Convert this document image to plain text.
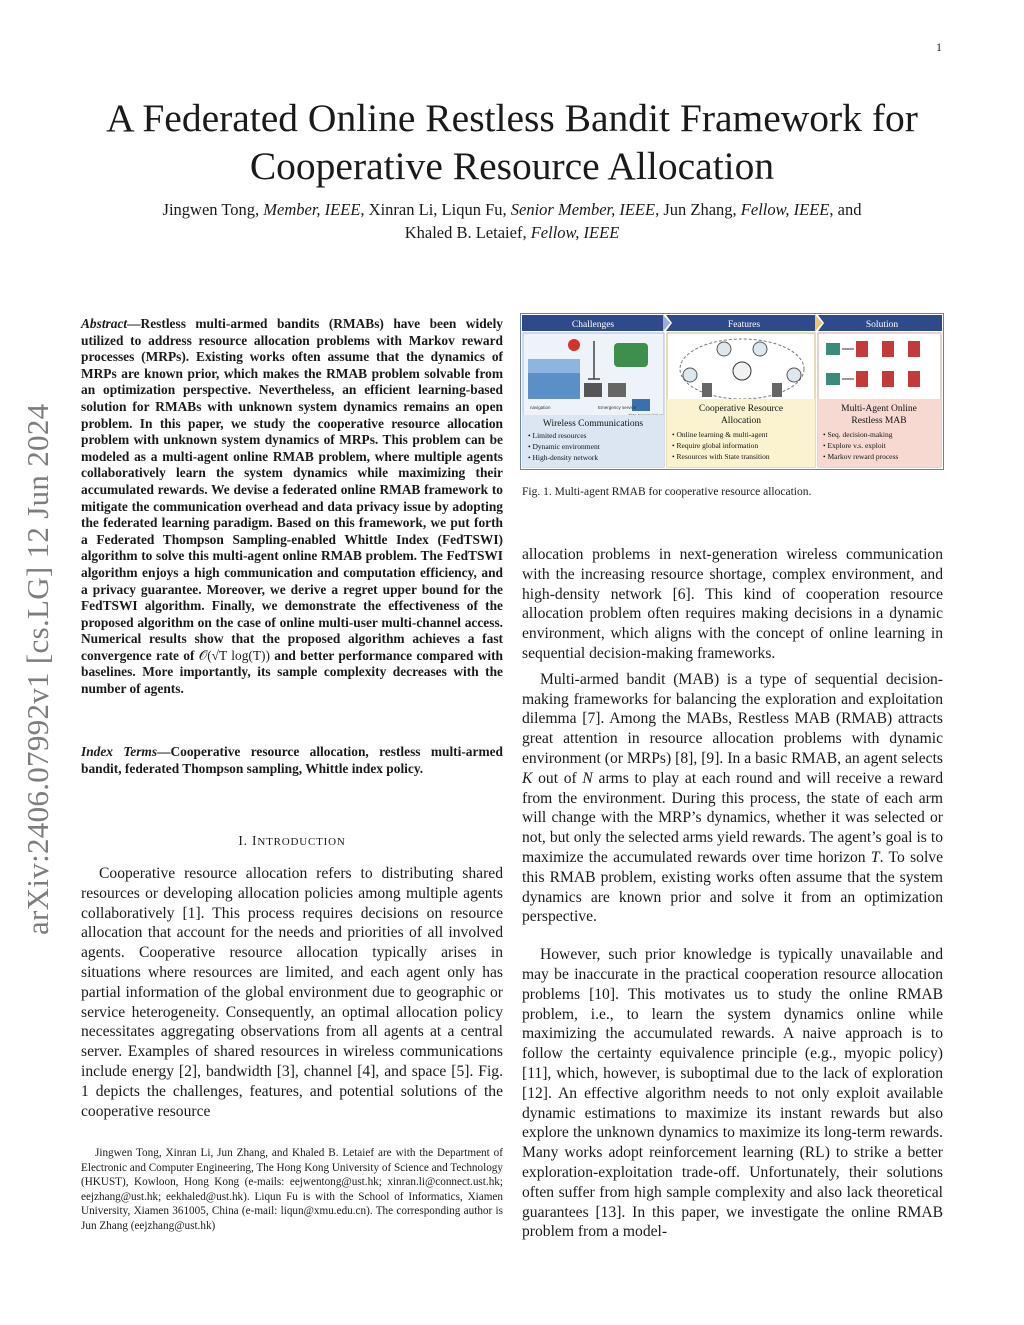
1
arXiv:2406.07992v1 [cs.LG] 12 Jun 2024
A Federated Online Restless Bandit Framework for
Cooperative Resource Allocation
Jingwen Tong, Member, IEEE, Xinran Li, Liqun Fu, Senior Member, IEEE, Jun Zhang, Fellow, IEEE, and
Khaled B. Letaief, Fellow, IEEE
Abstract—Restless multi-armed bandits (RMABs) have been widely utilized to address resource allocation problems with Markov reward processes (MRPs). Existing works often assume that the dynamics of MRPs are known prior, which makes the RMAB problem solvable from an optimization perspective. Nevertheless, an efficient learning-based solution for RMABs with unknown system dynamics remains an open problem. In this paper, we study the cooperative resource allocation problem with unknown system dynamics of MRPs. This problem can be modeled as a multi-agent online RMAB problem, where multiple agents collaboratively learn the system dynamics while maximizing their accumulated rewards. We devise a federated online RMAB framework to mitigate the communication overhead and data privacy issue by adopting the federated learning paradigm. Based on this framework, we put forth a Federated Thompson Sampling-enabled Whittle Index (FedTSWI) algorithm to solve this multi-agent online RMAB problem. The FedTSWI algorithm enjoys a high communication and computation efficiency, and a privacy guarantee. Moreover, we derive a regret upper bound for the FedTSWI algorithm. Finally, we demonstrate the effectiveness of the proposed algorithm on the case of online multi-user multi-channel access. Numerical results show that the proposed algorithm achieves a fast convergence rate of 𝒪(√T log(T)) and better performance compared with baselines. More importantly, its sample complexity decreases with the number of agents.
Index Terms—Cooperative resource allocation, restless multi-armed bandit, federated Thompson sampling, Whittle index policy.
I. INTRODUCTION
Cooperative resource allocation refers to distributing shared resources or developing allocation policies among multiple agents collaboratively [1]. This process requires decisions on resource allocation that account for the needs and priorities of all involved agents. Cooperative resource allocation typically arises in situations where resources are limited, and each agent only has partial information of the global environment due to geographic or service heterogeneity. Consequently, an optimal allocation policy necessitates aggregating observations from all agents at a central server. Examples of shared resources in wireless communications include energy [2], bandwidth [3], channel [4], and space [5]. Fig. 1 depicts the challenges, features, and potential solutions of the cooperative resource
Jingwen Tong, Xinran Li, Jun Zhang, and Khaled B. Letaief are with the Department of Electronic and Computer Engineering, The Hong Kong University of Science and Technology (HKUST), Kowloon, Hong Kong (e-mails: eejwentong@ust.hk; xinran.li@connect.ust.hk; eejzhang@ust.hk; eekhaled@ust.hk). Liqun Fu is with the School of Informatics, Xiamen University, Xiamen 361005, China (e-mail: liqun@xmu.edu.cn). The corresponding author is Jun Zhang (eejzhang@ust.hk)
Challenges	Features	Solution
navigation	Emergency service
Wireless Communications
• Limited resources
• Dynamic environment
• High-density network
Cooperative Resource
Allocation
• Online learning & multi-agent
• Require global information
• Resources with State transition
Multi-Agent Online
Restless MAB
• Seq. decision-making
• Explore v.s. exploit
• Markov reward process
Fig. 1. Multi-agent RMAB for cooperative resource allocation.

allocation problems in next-generation wireless communication with the increasing resource shortage, complex environment, and high-density network [6]. This kind of cooperation resource allocation problem often requires making decisions in a dynamic environment, which aligns with the concept of online learning in sequential decision-making frameworks.

Multi-armed bandit (MAB) is a type of sequential decision-making frameworks for balancing the exploration and exploitation dilemma [7]. Among the MABs, Restless MAB (RMAB) attracts great attention in resource allocation problems with dynamic environment (or MRPs) [8], [9]. In a basic RMAB, an agent selects K out of N arms to play at each round and will receive a reward from the environment. During this process, the state of each arm will change with the MRP’s dynamics, whether it was selected or not, but only the selected arms yield rewards. The agent’s goal is to maximize the accumulated rewards over time horizon T. To solve this RMAB problem, existing works often assume that the system dynamics are known prior and solve it from an optimization perspective.

However, such prior knowledge is typically unavailable and may be inaccurate in the practical cooperation resource allocation problems [10]. This motivates us to study the online RMAB problem, i.e., to learn the system dynamics online while maximizing the accumulated rewards. A naive approach is to follow the certainty equivalence principle (e.g., myopic policy) [11], which, however, is suboptimal due to the lack of exploration [12]. An effective algorithm needs to not only exploit available dynamic estimations to maximize its instant rewards but also explore the unknown dynamics to maximize its long-term rewards. Many works adopt reinforcement learning (RL) to strike a better exploration-exploitation trade-off. Unfortunately, their solutions often suffer from high sample complexity and also lack theoretical guarantees [13]. In this paper, we investigate the online RMAB problem from a model-
